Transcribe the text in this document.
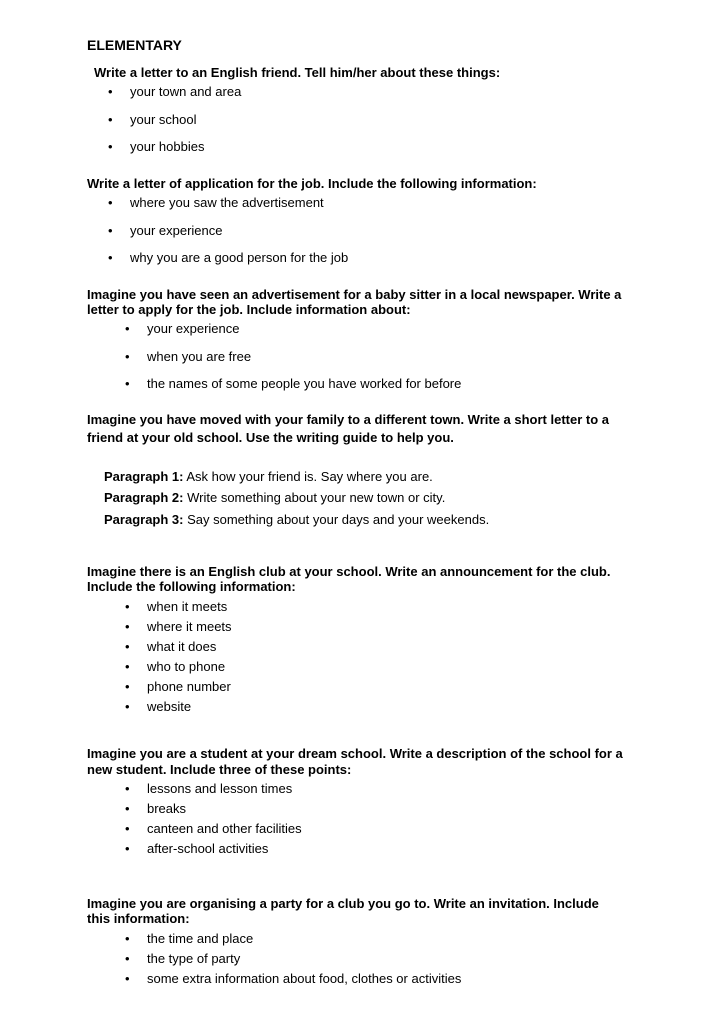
ELEMENTARY
Write a letter to an English friend. Tell him/her about these things:
• your town and area
• your school
• your hobbies
Write a letter of application for the job. Include the following information:
• where you saw the advertisement
• your experience
• why you are a good person for the job
Imagine you have seen an advertisement for a baby sitter in a local newspaper. Write a
letter to apply for the job. Include information about:
• your experience
• when you are free
• the names of some people you have worked for before
Imagine you have moved with your family to a different town. Write a short letter to a
friend at your old school. Use the writing guide to help you.
Paragraph 1: Ask how your friend is. Say where you are.
Paragraph 2: Write something about your new town or city.
Paragraph 3: Say something about your days and your weekends.
Imagine there is an English club at your school. Write an announcement for the club.
Include the following information:
• when it meets
• where it meets
• what it does
• who to phone
• phone number
• website
Imagine you are a student at your dream school. Write a description of the school for a
new student. Include three of these points:
• lessons and lesson times
• breaks
• canteen and other facilities
• after-school activities
Imagine you are organising a party for a club you go to. Write an invitation. Include
this information:
• the time and place
• the type of party
• some extra information about food, clothes or activities
